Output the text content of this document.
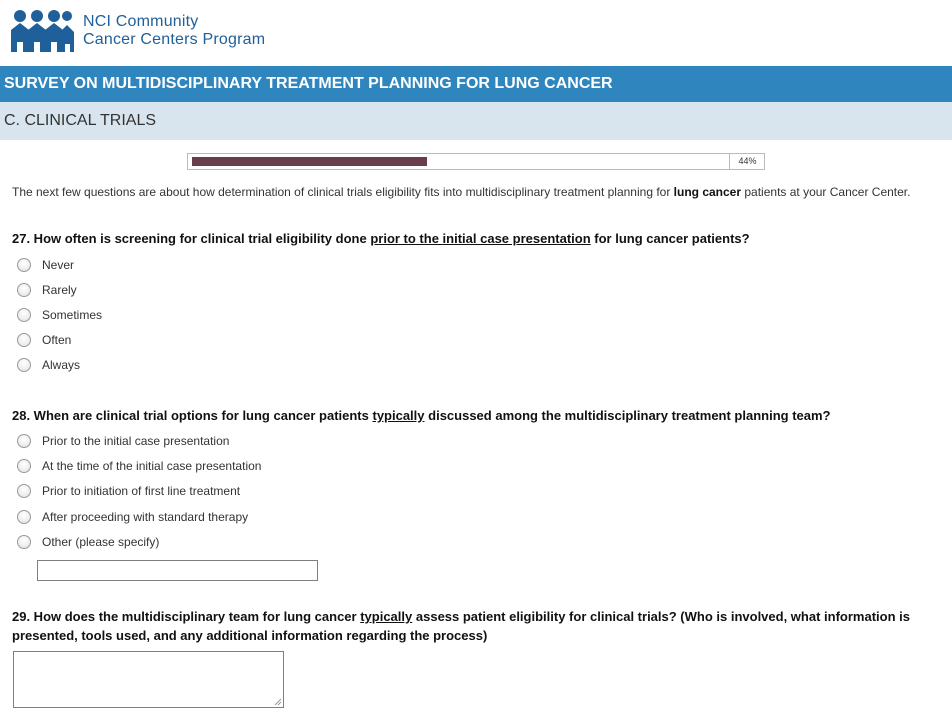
NCI Community
Cancer Centers Program
SURVEY ON MULTIDISCIPLINARY TREATMENT PLANNING FOR LUNG CANCER
C. CLINICAL TRIALS
44%
The next few questions are about how determination of clinical trials eligibility fits into multidisciplinary treatment planning for lung cancer patients at your Cancer Center.
27. How often is screening for clinical trial eligibility done prior to the initial case presentation for lung cancer patients?
Never
Rarely
Sometimes
Often
Always
28. When are clinical trial options for lung cancer patients typically discussed among the multidisciplinary treatment planning team?
Prior to the initial case presentation
At the time of the initial case presentation
Prior to initiation of first line treatment
After proceeding with standard therapy
Other (please specify)
29. How does the multidisciplinary team for lung cancer typically assess patient eligibility for clinical trials? (Who is involved, what information is presented, tools used, and any additional information regarding the process)
